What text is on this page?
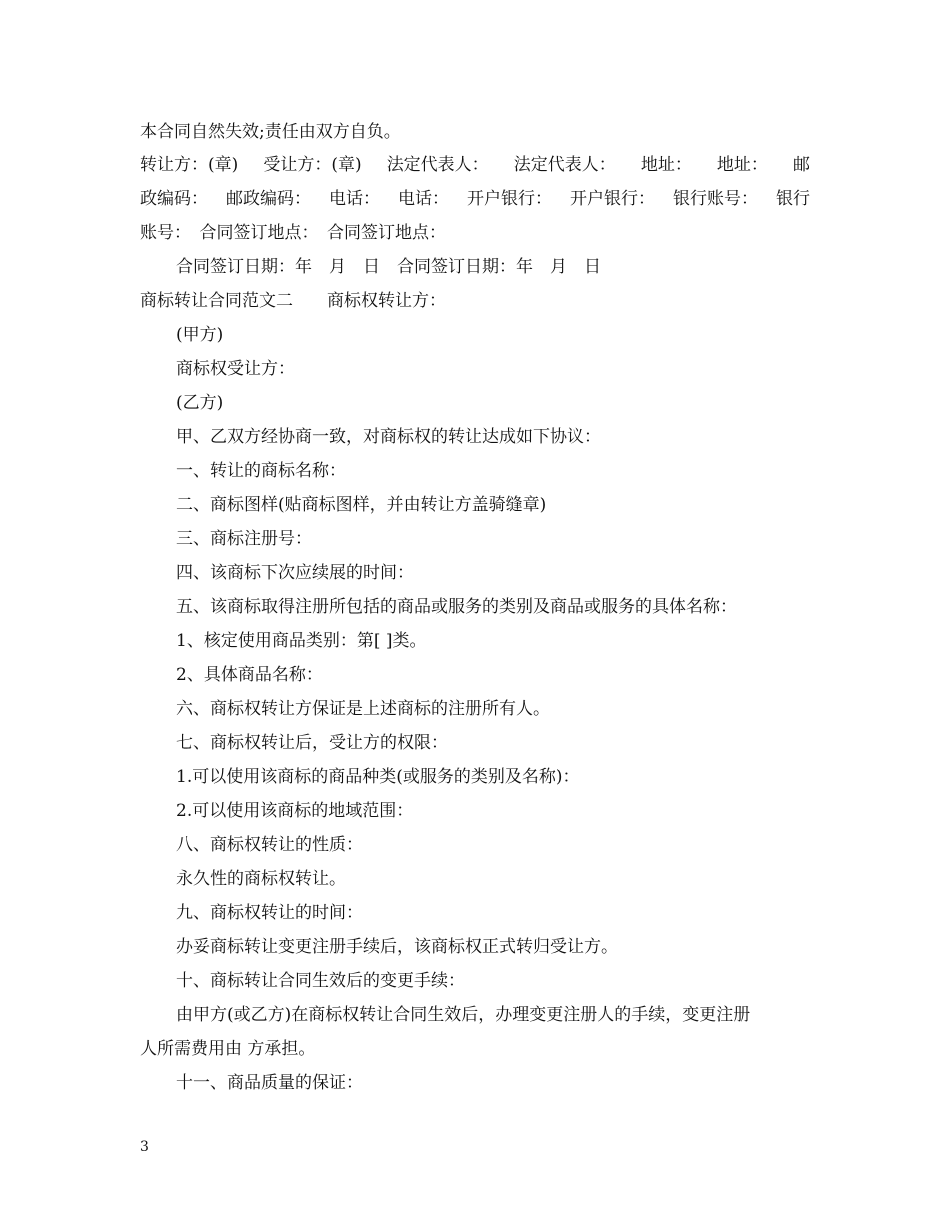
本合同自然失效;责任由双方自负。
转让方：(章) 受让方：(章) 法定代表人： 法定代表人： 地址： 地址： 邮
政编码： 邮政编码： 电话： 电话： 开户银行： 开户银行： 银行账号： 银行
账号：　合同签订地点：　合同签订地点：
合同签订日期：年　月　日　合同签订日期：年　月　日
商标转让合同范文二　　商标权转让方：
(甲方)
商标权受让方：
(乙方)
甲、乙双方经协商一致，对商标权的转让达成如下协议：
一、转让的商标名称：
二、商标图样(贴商标图样，并由转让方盖骑缝章)
三、商标注册号：
四、该商标下次应续展的时间：
五、该商标取得注册所包括的商品或服务的类别及商品或服务的具体名称：
1、核定使用商品类别：第[ ]类。
2、具体商品名称：
六、商标权转让方保证是上述商标的注册所有人。
七、商标权转让后，受让方的权限：
1.可以使用该商标的商品种类(或服务的类别及名称)：
2.可以使用该商标的地域范围：
八、商标权转让的性质：
永久性的商标权转让。
九、商标权转让的时间：
办妥商标转让变更注册手续后，该商标权正式转归受让方。
十、商标转让合同生效后的变更手续：
由甲方(或乙方)在商标权转让合同生效后，办理变更注册人的手续，变更注册
人所需费用由 方承担。
十一、商品质量的保证：
3
